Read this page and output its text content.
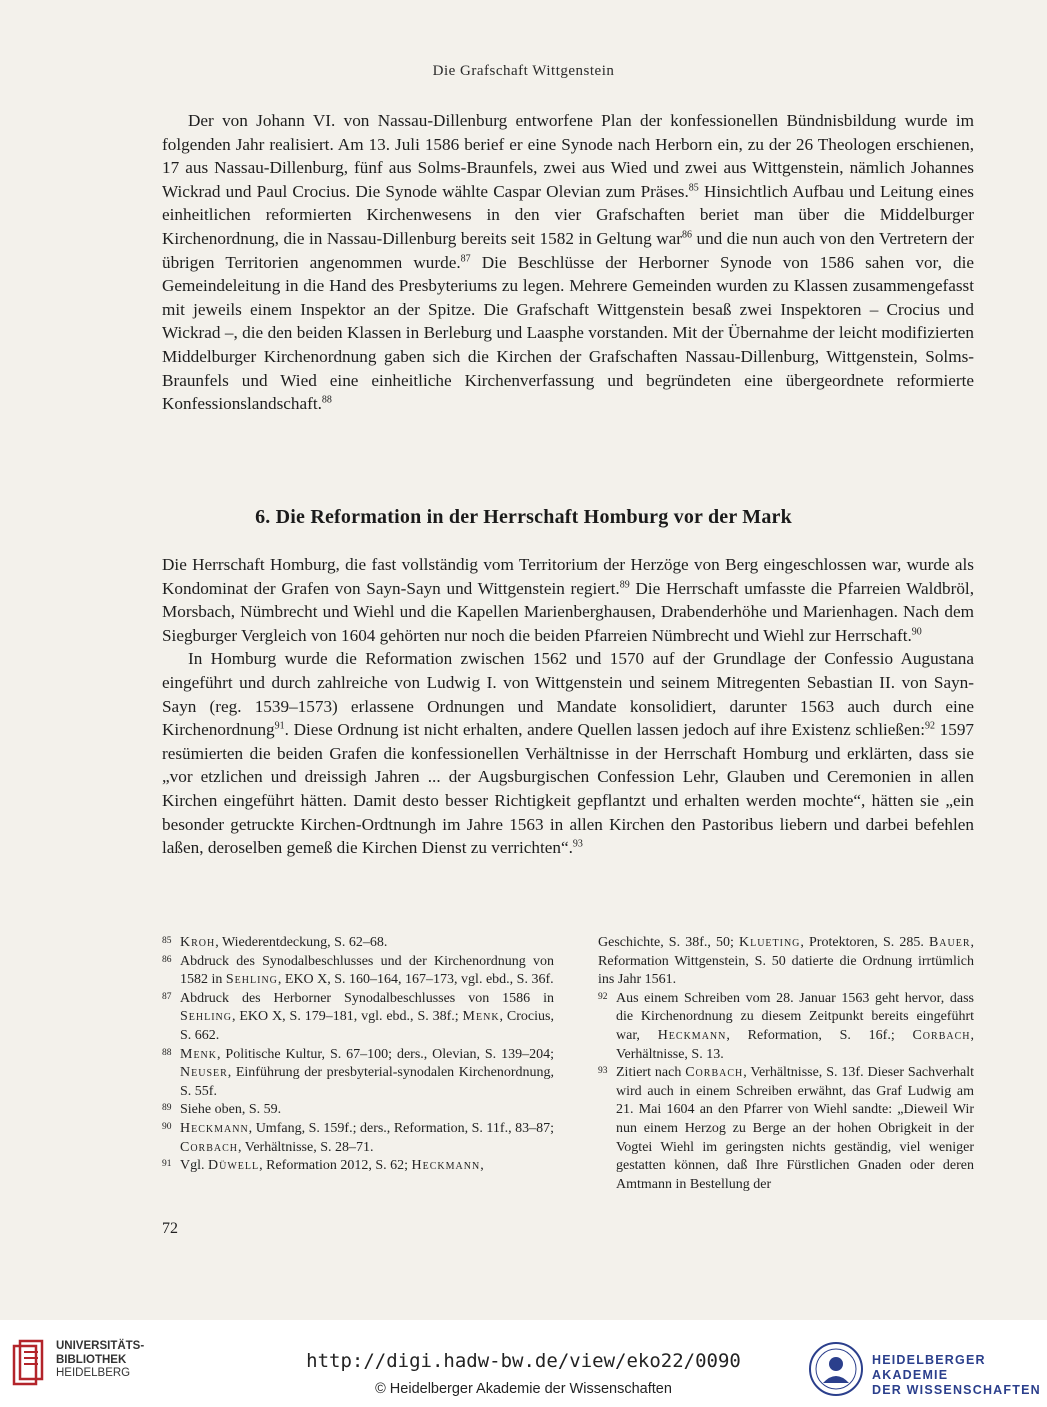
Die Grafschaft Wittgenstein

Der von Johann VI. von Nassau-Dillenburg entworfene Plan der konfessionellen Bündnisbildung wurde im folgenden Jahr realisiert. Am 13. Juli 1586 berief er eine Synode nach Herborn ein, zu der 26 Theologen erschienen, 17 aus Nassau-Dillenburg, fünf aus Solms-Braunfels, zwei aus Wied und zwei aus Wittgenstein, nämlich Johannes Wickrad und Paul Crocius. Die Synode wählte Caspar Olevian zum Präses.$^{85}$ Hinsichtlich Aufbau und Leitung eines einheitlichen reformierten Kirchenwesens in den vier Grafschaften beriet man über die Middelburger Kirchenordnung, die in Nassau-Dillenburg bereits seit 1582 in Geltung war$^{86}$ und die nun auch von den Vertretern der übrigen Territorien angenommen wurde.$^{87}$ Die Beschlüsse der Herborner Synode von 1586 sahen vor, die Gemeindeleitung in die Hand des Presbyteriums zu legen. Mehrere Gemeinden wurden zu Klassen zusammengefasst mit jeweils einem Inspektor an der Spitze. Die Grafschaft Wittgenstein besaß zwei Inspektoren – Crocius und Wickrad –, die den beiden Klassen in Berleburg und Laasphe vorstanden. Mit der Übernahme der leicht modifizierten Middelburger Kirchenordnung gaben sich die Kirchen der Grafschaften Nassau-Dillenburg, Wittgenstein, Solms-Braunfels und Wied eine einheitliche Kirchenverfassung und begründeten eine übergeordnete reformierte Konfessionslandschaft.$^{88}$

6. Die Reformation in der Herrschaft Homburg vor der Mark

Die Herrschaft Homburg, die fast vollständig vom Territorium der Herzöge von Berg eingeschlossen war, wurde als Kondominat der Grafen von Sayn-Sayn und Wittgenstein regiert.$^{89}$ Die Herrschaft umfasste die Pfarreien Waldbröl, Morsbach, Nümbrecht und Wiehl und die Kapellen Marienberghausen, Drabenderhöhe und Marienhagen. Nach dem Siegburger Vergleich von 1604 gehörten nur noch die beiden Pfarreien Nümbrecht und Wiehl zur Herrschaft.$^{90}$

In Homburg wurde die Reformation zwischen 1562 und 1570 auf der Grundlage der Confessio Augustana eingeführt und durch zahlreiche von Ludwig I. von Wittgenstein und seinem Mitregenten Sebastian II. von Sayn-Sayn (reg. 1539–1573) erlassene Ordnungen und Mandate konsolidiert, darunter 1563 auch durch eine Kirchenordnung$^{91}$. Diese Ordnung ist nicht erhalten, andere Quellen lassen jedoch auf ihre Existenz schließen:$^{92}$ 1597 resümierten die beiden Grafen die konfessionellen Verhältnisse in der Herrschaft Homburg und erklärten, dass sie „vor etzlichen und dreissigh Jahren ... der Augsburgischen Confession Lehr, Glauben und Ceremonien in allen Kirchen eingeführt hätten. Damit desto besser Richtigkeit gepflantzt und erhalten werden mochte“, hätten sie „ein besonder getruckte Kirchen-Ordtnungh im Jahre 1563 in allen Kirchen den Pastoribus liebern und darbei befehlen laßen, deroselben gemeß die Kirchen Dienst zu verrichten“.$^{93}$

85 Kroh, Wiederentdeckung, S. 62–68.

86 Abdruck des Synodalbeschlusses und der Kirchenordnung von 1582 in Sehling, EKO X, S. 160–164, 167–173, vgl. ebd., S. 36f.

87 Abdruck des Herborner Synodalbeschlusses von 1586 in Sehling, EKO X, S. 179–181, vgl. ebd., S. 38f.; Menk, Crocius, S. 662.

88 Menk, Politische Kultur, S. 67–100; ders., Olevian, S. 139–204; Neuser, Einführung der presbyterial-synodalen Kirchenordnung, S. 55f.

89 Siehe oben, S. 59.

90 Heckmann, Umfang, S. 159f.; ders., Reformation, S. 11f., 83–87; Corbach, Verhältnisse, S. 28–71.

91 Vgl. Düwell, Reformation 2012, S. 62; Heckmann,

Geschichte, S. 38f., 50; Klueting, Protektoren, S. 285. Bauer, Reformation Wittgenstein, S. 50 datierte die Ordnung irrtümlich ins Jahr 1561.

92 Aus einem Schreiben vom 28. Januar 1563 geht hervor, dass die Kirchenordnung zu diesem Zeitpunkt bereits eingeführt war, Heckmann, Reformation, S. 16f.; Corbach, Verhältnisse, S. 13.

93 Zitiert nach Corbach, Verhältnisse, S. 13f. Dieser Sachverhalt wird auch in einem Schreiben erwähnt, das Graf Ludwig am 21. Mai 1604 an den Pfarrer von Wiehl sandte: „Dieweil Wir nun einem Herzog zu Berge an der hohen Obrigkeit in der Vogtei Wiehl im geringsten nichts geständig, viel weniger gestatten können, daß Ihre Fürstlichen Gnaden oder deren Amtmann in Bestellung der

72
UNIVERSITÄTS-
BIBLIOTHEK
HEIDELBERG
http://digi.hadw-bw.de/view/eko22/0090
© Heidelberger Akademie der Wissenschaften
HEIDELBERGER AKADEMIE
DER WISSENSCHAFTEN
